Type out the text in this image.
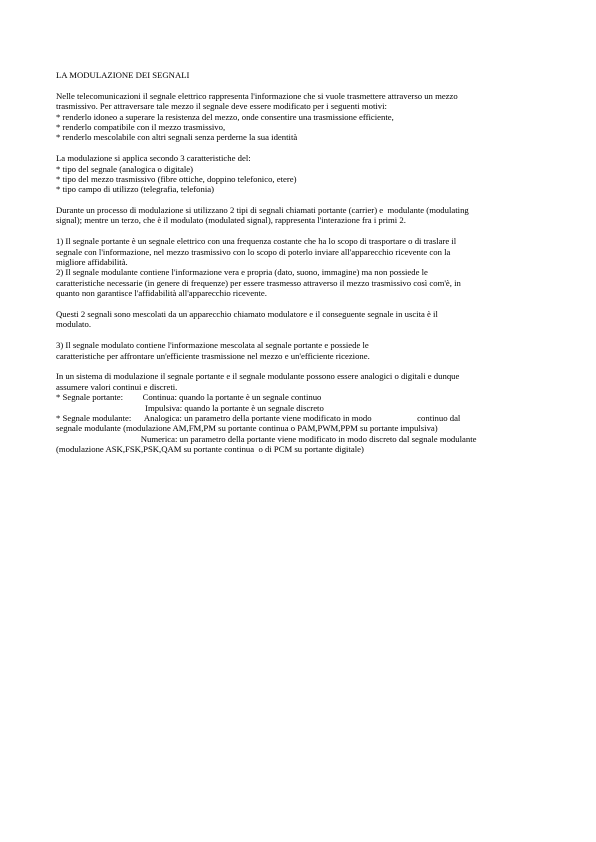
LA MODULAZIONE DEI SEGNALI
Nelle telecomunicazioni il segnale elettrico rappresenta l'informazione che si vuole trasmettere attraverso un mezzo
trasmissivo. Per attraversare tale mezzo il segnale deve essere modificato per i seguenti motivi:
* renderlo idoneo a superare la resistenza del mezzo, onde consentire una trasmissione efficiente,
* renderlo compatibile con il mezzo trasmissivo,
* renderlo mescolabile con altri segnali senza perderne la sua identità
La modulazione si applica secondo 3 caratteristiche del:
* tipo del segnale (analogica o digitale)
* tipo del mezzo trasmissivo (fibre ottiche, doppino telefonico, etere)
* tipo campo di utilizzo (telegrafia, telefonia)
Durante un processo di modulazione si utilizzano 2 tipi di segnali chiamati portante (carrier) e  modulante (modulating
signal); mentre un terzo, che è il modulato (modulated signal), rappresenta l'interazione fra i primi 2.
1) Il segnale portante è un segnale elettrico con una frequenza costante che ha lo scopo di trasportare o di traslare il
segnale con l'informazione, nel mezzo trasmissivo con lo scopo di poterlo inviare all'apparecchio ricevente con la
migliore affidabilità.
2) Il segnale modulante contiene l'informazione vera e propria (dato, suono, immagine) ma non possiede le
caratteristiche necessarie (in genere di frequenze) per essere trasmesso attraverso il mezzo trasmissivo così com'è, in
quanto non garantisce l'affidabilità all'apparecchio ricevente.
Questi 2 segnali sono mescolati da un apparecchio chiamato modulatore e il conseguente segnale in uscita è il
modulato.
3) Il segnale modulato contiene l'informazione mescolata al segnale portante e possiede le
caratteristiche per affrontare un'efficiente trasmissione nel mezzo e un'efficiente ricezione.
In un sistema di modulazione il segnale portante e il segnale modulante possono essere analogici o digitali e dunque
assumere valori continui e discreti.
* Segnale portante:         Continua: quando la portante è un segnale continuo
Impulsiva: quando la portante è un segnale discreto
* Segnale modulante:      Analogica: un parametro della portante viene modificato in modo                     continuo dal
segnale modulante (modulazione AM,FM,PM su portante continua o PAM,PWM,PPM su portante impulsiva)
Numerica: un parametro della portante viene modificato in modo discreto dal segnale modulante
(modulazione ASK,FSK,PSK,QAM su portante continua  o di PCM su portante digitale)
